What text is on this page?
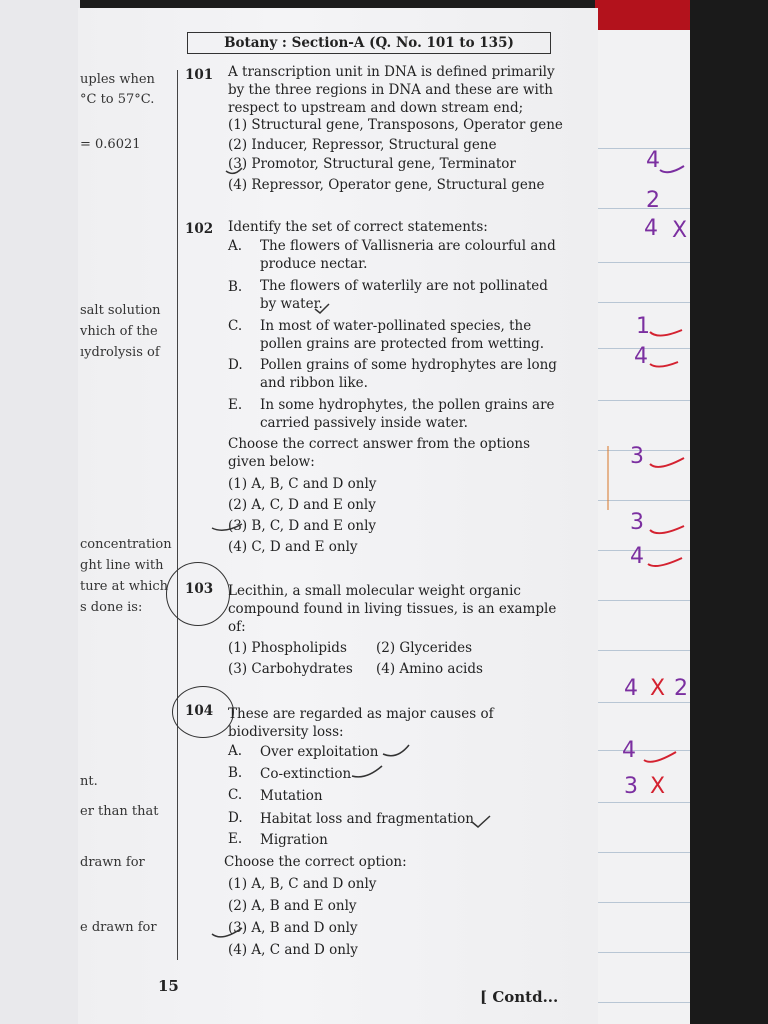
4
2
4 X
1
4
3
3
4
4 X 2
4
3 X
uples when
°C to 57°C.
= 0.6021
salt solution
vhich of the
ıydrolysis of
concentration
ght line with
ture at which
s done is:
nt.
er than that
drawn for
e drawn for
Botany : Section-A (Q. No. 101 to 135)
101 A transcription unit in DNA is defined primarily by the three regions in DNA and these are with respect to upstream and down stream end;
(1) Structural gene, Transposons, Operator gene
(2) Inducer, Repressor, Structural gene
(3) Promotor, Structural gene, Terminator
(4) Repressor, Operator gene, Structural gene
102 Identify the set of correct statements:
A. The flowers of Vallisneria are colourful and produce nectar.
B. The flowers of waterlily are not pollinated by water.
C. In most of water-pollinated species, the pollen grains are protected from wetting.
D. Pollen grains of some hydrophytes are long and ribbon like.
E. In some hydrophytes, the pollen grains are carried passively inside water.
Choose the correct answer from the options given below:
(1) A, B, C and D only
(2) A, C, D and E only
(3) B, C, D and E only
(4) C, D and E only
103 Lecithin, a small molecular weight organic compound found in living tissues, is an example of:
(1) Phospholipids (2) Glycerides
(3) Carbohydrates (4) Amino acids
104 These are regarded as major causes of biodiversity loss:
A. Over exploitation
B. Co-extinction
C. Mutation
D. Habitat loss and fragmentation
E. Migration
Choose the correct option:
(1) A, B, C and D only
(2) A, B and E only
(3) A, B and D only
(4) A, C and D only
15
[ Contd...
